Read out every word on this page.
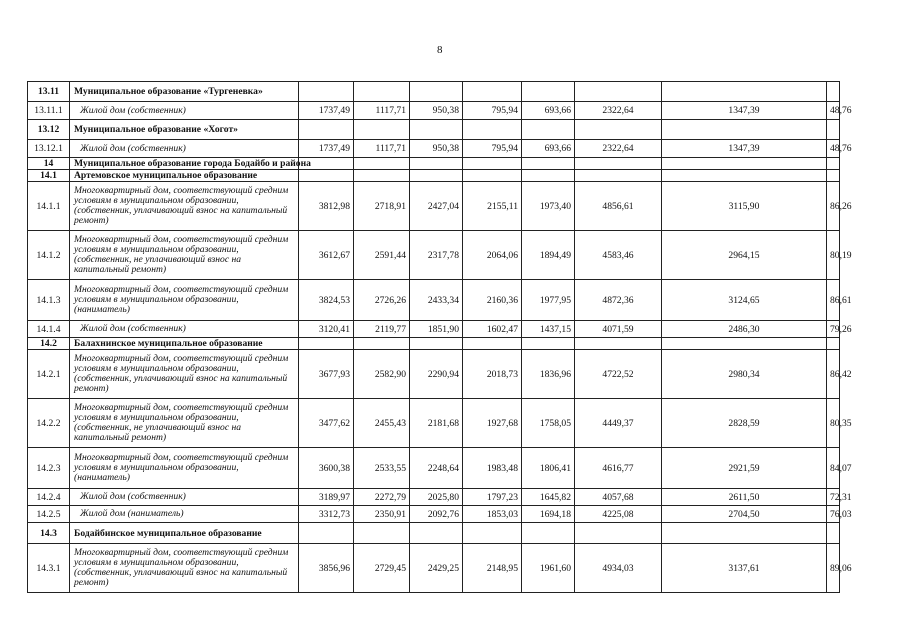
8
13.11	Муниципальное образование «Тургеневка»									
13.11.1	Жилой дом (собственник)	1737,49	1117,71	950,38	795,94	693,66	2322,64	1347,39	48,76	
13.12	Муниципальное образование «Хогот»									
13.12.1	Жилой дом (собственник)	1737,49	1117,71	950,38	795,94	693,66	2322,64	1347,39	48,76	
14	Муниципальное образование города Бодайбо и района									
14.1	Артемовское муниципальное образование									
14.1.1	Многоквартирный дом, соответствующий средним условиям в муниципальном образовании, (собственник, уплачивающий взнос на капитальный ремонт)	3812,98	2718,91	2427,04	2155,11	1973,40	4856,61	3115,90	86,26	
14.1.2	Многоквартирный дом, соответствующий средним условиям в муниципальном образовании, (собственник, не уплачивающий взнос на капитальный ремонт)	3612,67	2591,44	2317,78	2064,06	1894,49	4583,46	2964,15	80,19	
14.1.3	Многоквартирный дом, соответствующий средним условиям в муниципальном образовании, (наниматель)	3824,53	2726,26	2433,34	2160,36	1977,95	4872,36	3124,65	86,61	
14.1.4	Жилой дом (собственник)	3120,41	2119,77	1851,90	1602,47	1437,15	4071,59	2486,30	79,26	
14.2	Балахнинское муниципальное образование									
14.2.1	Многоквартирный дом, соответствующий средним условиям в муниципальном образовании, (собственник, уплачивающий взнос на капитальный ремонт)	3677,93	2582,90	2290,94	2018,73	1836,96	4722,52	2980,34	86,42	
14.2.2	Многоквартирный дом, соответствующий средним условиям в муниципальном образовании, (собственник, не уплачивающий взнос на капитальный ремонт)	3477,62	2455,43	2181,68	1927,68	1758,05	4449,37	2828,59	80,35	
14.2.3	Многоквартирный дом, соответствующий средним условиям в муниципальном образовании, (наниматель)	3600,38	2533,55	2248,64	1983,48	1806,41	4616,77	2921,59	84,07	
14.2.4	Жилой дом (собственник)	3189,97	2272,79	2025,80	1797,23	1645,82	4057,68	2611,50	72,31	
14.2.5	Жилой дом (наниматель)	3312,73	2350,91	2092,76	1853,03	1694,18	4225,08	2704,50	76,03	
14.3	Бодайбинское муниципальное образование									
14.3.1	Многоквартирный дом, соответствующий средним условиям в муниципальном образовании, (собственник, уплачивающий взнос на капитальный ремонт)	3856,96	2729,45	2429,25	2148,95	1961,60	4934,03	3137,61	89,06	
